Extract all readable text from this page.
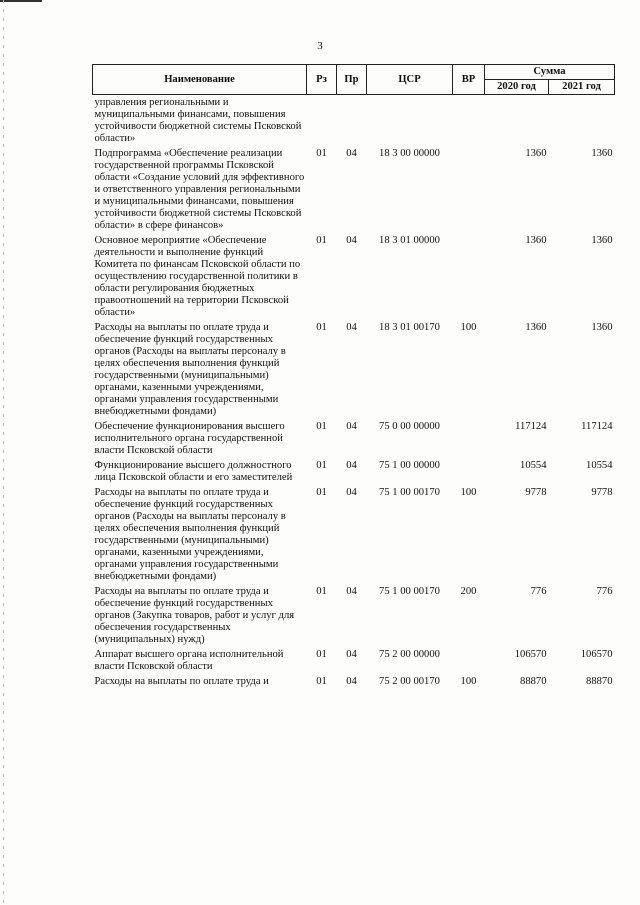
3
Наименование	Рз	Пр	ЦСР	ВР	Сумма	
					2020 год	2021 год
управления региональными и муниципальными финансами, повышения устойчивости бюджетной системы Псковской области»						
Подпрограмма «Обеспечение реализации государственной программы Псковской области «Создание условий для эффективного и ответственного управления региональными и муниципальными финансами, повышения устойчивости бюджетной системы Псковской области» в сфере финансов»	01	04	18 3 00 00000		1360	1360
Основное мероприятие «Обеспечение деятельности и выполнение функций Комитета по финансам Псковской области по осуществлению государственной политики в области регулирования бюджетных правоотношений на территории Псковской области»	01	04	18 3 01 00000		1360	1360
Расходы на выплаты по оплате труда и обеспечение функций государственных органов (Расходы на выплаты персоналу в целях обеспечения выполнения функций государственными (муниципальными) органами, казенными учреждениями, органами управления государственными внебюджетными фондами)	01	04	18 3 01 00170	100	1360	1360
Обеспечение функционирования высшего исполнительного органа государственной власти Псковской области	01	04	75 0 00 00000		117124	117124
Функционирование высшего должностного лица Псковской области и его заместителей	01	04	75 1 00 00000		10554	10554
Расходы на выплаты по оплате труда и обеспечение функций государственных органов (Расходы на выплаты персоналу в целях обеспечения выполнения функций государственными (муниципальными) органами, казенными учреждениями, органами управления государственными внебюджетными фондами)	01	04	75 1 00 00170	100	9778	9778
Расходы на выплаты по оплате труда и обеспечение функций государственных органов (Закупка товаров, работ и услуг для обеспечения государственных (муниципальных) нужд)	01	04	75 1 00 00170	200	776	776
Аппарат высшего органа исполнительной власти Псковской области	01	04	75 2 00 00000		106570	106570
Расходы на выплаты по оплате труда и	01	04	75 2 00 00170	100	88870	88870
